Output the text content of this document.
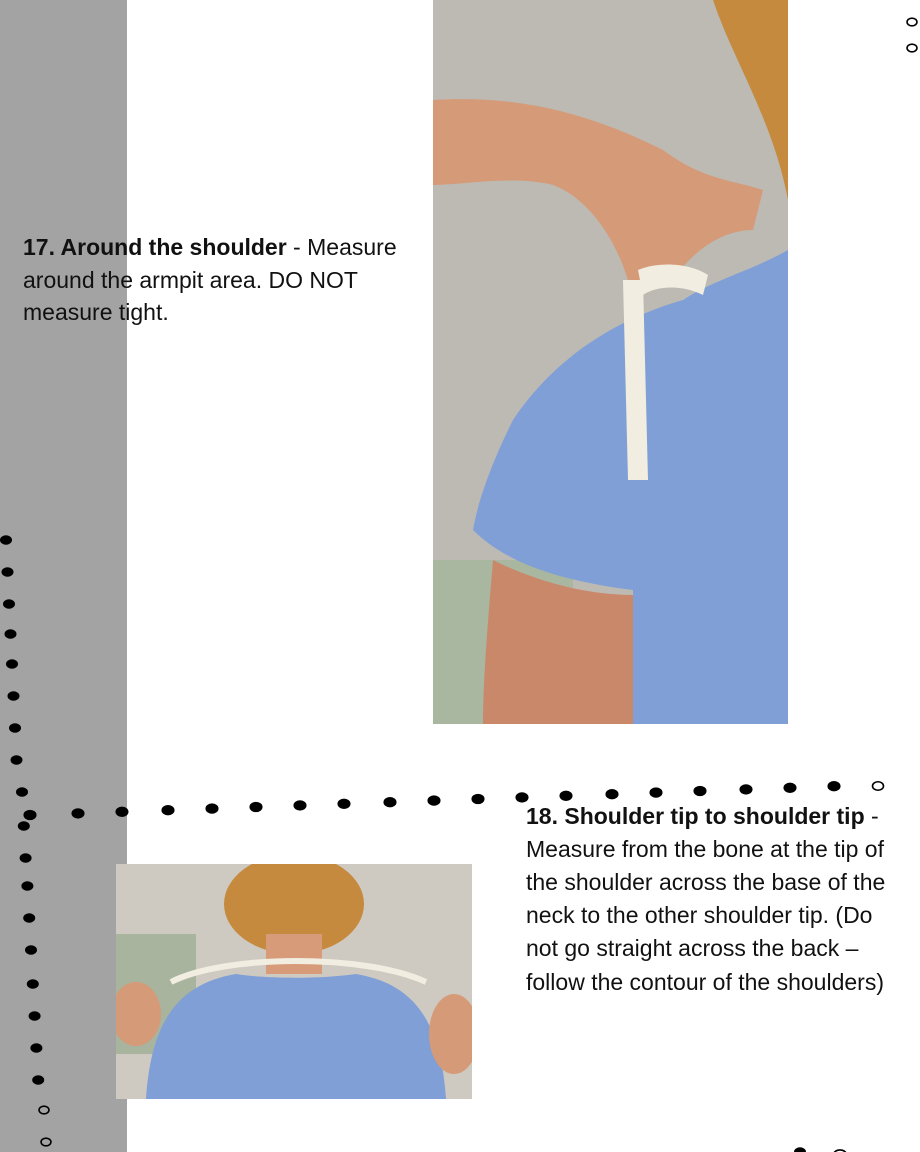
17. Around the shoulder - Measure around the armpit area. DO NOT measure tight.

18. Shoulder tip to shoulder tip - Measure from the bone at the tip of the shoulder across the base of the neck to the other shoulder tip. (Do not go straight across the back – follow the contour of the shoulders)
